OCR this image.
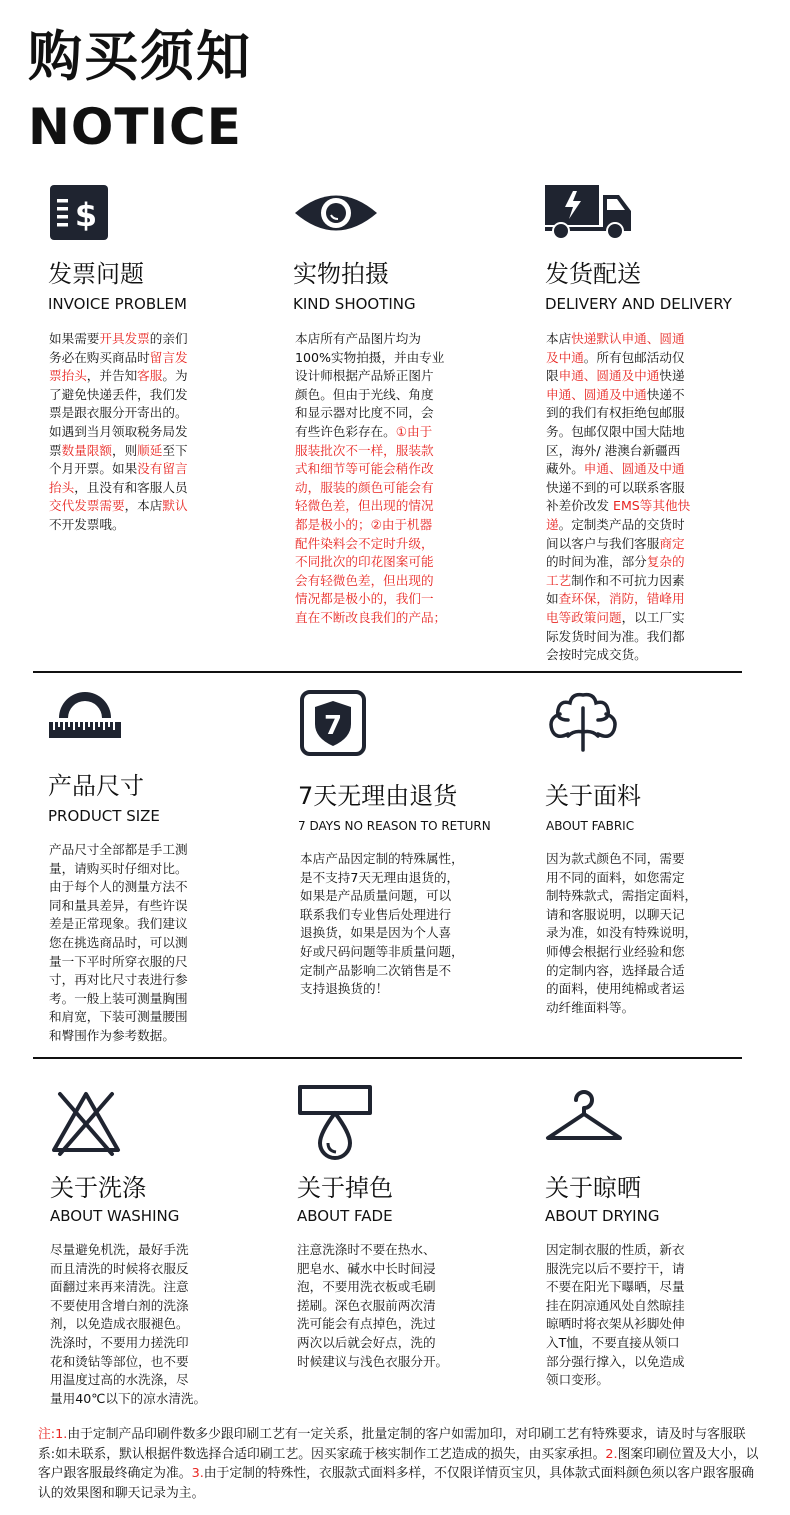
购买须知
NOTICE
$
发票问题
INVOICE PROBLEM
如果需要开具发票的亲们
务必在购买商品时留言发
票抬头，并告知客服。为
了避免快递丢件，我们发
票是跟衣服分开寄出的。
如遇到当月领取税务局发
票数量限额，则顺延至下
个月开票。如果没有留言
抬头，且没有和客服人员
交代发票需要，本店默认
不开发票哦。
实物拍摄
KIND SHOOTING
本店所有产品图片均为
100%实物拍摄，并由专业
设计师根据产品矫正图片
颜色。但由于光线、角度
和显示器对比度不同，会
有些许色彩存在。①由于
服装批次不一样，服装款
式和细节等可能会稍作改
动，服装的颜色可能会有
轻微色差，但出现的情况
都是极小的；②由于机器
配件染料会不定时升级，
不同批次的印花图案可能
会有轻微色差，但出现的
情况都是极小的，我们一
直在不断改良我们的产品；
发货配送
DELIVERY AND DELIVERY
本店快递默认申通、圆通
及中通。所有包邮活动仅
限申通、圆通及中通快递
申通、圆通及中通快递不
到的我们有权拒绝包邮服
务。包邮仅限中国大陆地
区，海外/ 港澳台新疆西
藏外。申通、圆通及中通
快递不到的可以联系客服
补差价改发 EMS等其他快
递。定制类产品的交货时
间以客户与我们客服商定
的时间为准，部分复杂的
工艺制作和不可抗力因素
如查环保，消防，错峰用
电等政策问题，以工厂实
际发货时间为准。我们都
会按时完成交货。
7
产品尺寸
PRODUCT SIZE
产品尺寸全部都是手工测
量，请购买时仔细对比。
由于每个人的测量方法不
同和量具差异，有些许误
差是正常现象。我们建议
您在挑选商品时，可以测
量一下平时所穿衣服的尺
寸，再对比尺寸表进行参
考。一般上装可测量胸围
和肩宽，下装可测量腰围
和臀围作为参考数据。
7天无理由退货
7 DAYS NO REASON TO RETURN
本店产品因定制的特殊属性，
是不支持7天无理由退货的，
如果是产品质量问题，可以
联系我们专业售后处理进行
退换货，如果是因为个人喜
好或尺码问题等非质量问题，
定制产品影响二次销售是不
支持退换货的！
关于面料
ABOUT FABRIC
因为款式颜色不同，需要
用不同的面料，如您需定
制特殊款式，需指定面料，
请和客服说明，以聊天记
录为准，如没有特殊说明，
师傅会根据行业经验和您
的定制内容，选择最合适
的面料，使用纯棉或者运
动纤维面料等。
关于洗涤
ABOUT WASHING
尽量避免机洗，最好手洗
而且清洗的时候将衣服反
面翻过来再来清洗。注意
不要使用含增白剂的洗涤
剂，以免造成衣服褪色。
洗涤时，不要用力搓洗印
花和烫钻等部位，也不要
用温度过高的水洗涤，尽
量用40℃以下的凉水清洗。
关于掉色
ABOUT FADE
注意洗涤时不要在热水、
肥皂水、碱水中长时间浸
泡，不要用洗衣板或毛刷
搓刷。深色衣服前两次清
洗可能会有点掉色，洗过
两次以后就会好点，洗的
时候建议与浅色衣服分开。
关于晾晒
ABOUT DRYING
因定制衣服的性质，新衣
服洗完以后不要拧干，请
不要在阳光下曝晒，尽量
挂在阴凉通风处自然晾挂
晾晒时将衣架从衫脚处伸
入T恤，不要直接从领口
部分强行撑入，以免造成
领口变形。
注:1.由于定制产品印刷件数多少跟印刷工艺有一定关系，批量定制的客户如需加印，对印刷工艺有特殊要求，请及时与客服联系:如未联系，默认根据件数选择合适印刷工艺。因买家疏于核实制作工艺造成的损失，由买家承担。2.图案印刷位置及大小，以客户跟客服最终确定为准。3.由于定制的特殊性，衣服款式面料多样，不仅限详情页宝贝，具体款式面料颜色须以客户跟客服确认的效果图和聊天记录为主。
